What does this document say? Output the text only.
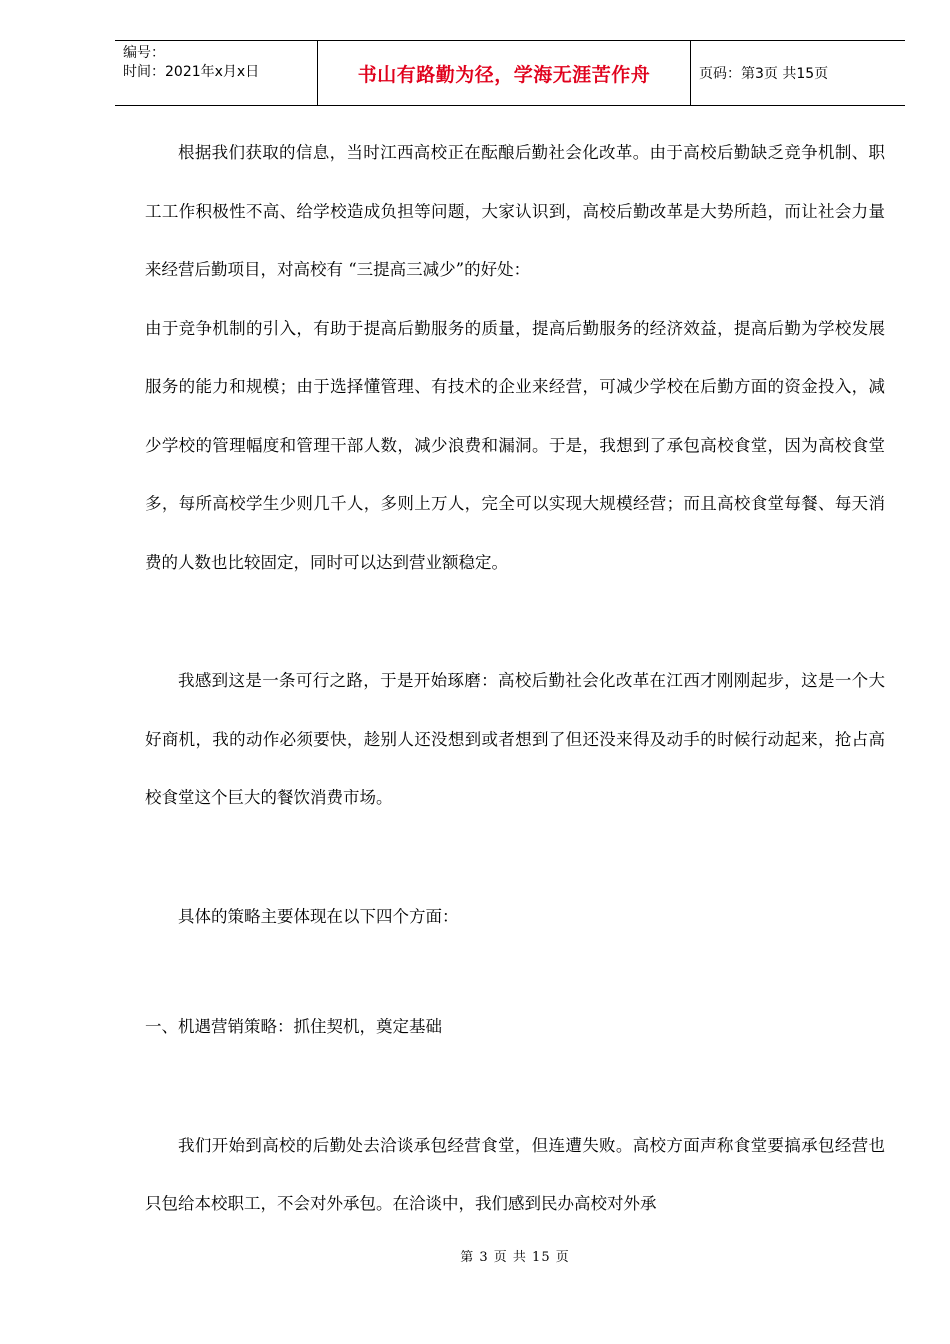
编号：
时间：2021年x月x日	书山有路勤为径，学海无涯苦作舟	页码：第3页 共15页

根据我们获取的信息，当时江西高校正在酝酿后勤社会化改革。由于高校后勤缺乏竞争机制、职工工作积极性不高、给学校造成负担等问题，大家认识到，高校后勤改革是大势所趋，而让社会力量来经营后勤项目，对高校有 “三提高三减少”的好处：

由于竞争机制的引入，有助于提高后勤服务的质量，提高后勤服务的经济效益，提高后勤为学校发展服务的能力和规模；由于选择懂管理、有技术的企业来经营，可减少学校在后勤方面的资金投入，减少学校的管理幅度和管理干部人数，减少浪费和漏洞。于是，我想到了承包高校食堂，因为高校食堂多，每所高校学生少则几千人，多则上万人，完全可以实现大规模经营；而且高校食堂每餐、每天消费的人数也比较固定，同时可以达到营业额稳定。

我感到这是一条可行之路，于是开始琢磨：高校后勤社会化改革在江西才刚刚起步，这是一个大好商机，我的动作必须要快，趁别人还没想到或者想到了但还没来得及动手的时候行动起来，抢占高校食堂这个巨大的餐饮消费市场。

具体的策略主要体现在以下四个方面：

一、机遇营销策略：抓住契机，奠定基础

我们开始到高校的后勤处去洽谈承包经营食堂，但连遭失败。高校方面声称食堂要搞承包经营也只包给本校职工，不会对外承包。在洽谈中，我们感到民办高校对外承

第 3 页 共 15 页
